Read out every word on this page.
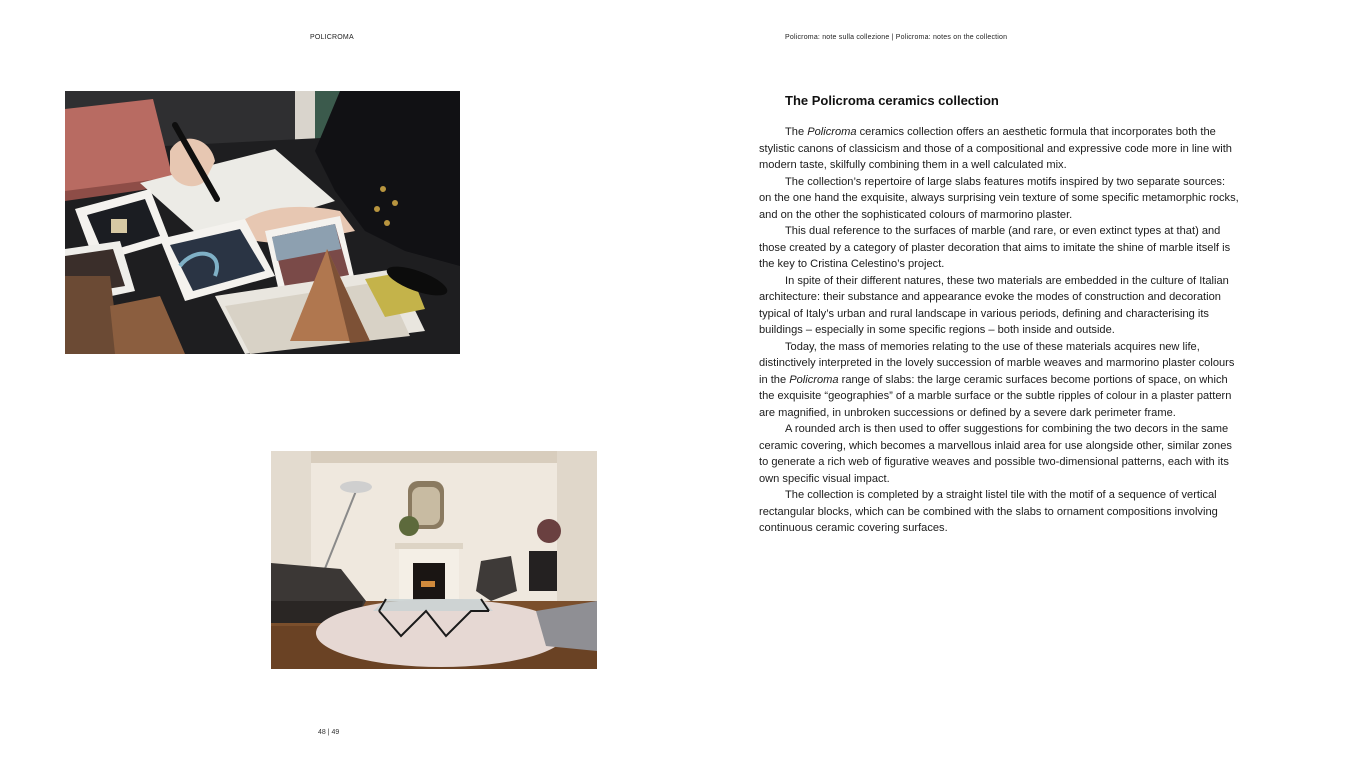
POLICROMA	Policroma: note sulla collezione | Policroma: notes on the collection
48 | 49
The Policroma ceramics collection

The Policroma ceramics collection offers an aesthetic formula that incorporates both the stylistic canons of classicism and those of a compositional and expressive code more in line with modern taste, skilfully combining them in a well calculated mix.

The collection’s repertoire of large slabs features motifs inspired by two separate sources: on the one hand the exquisite, always surprising vein texture of some specific metamorphic rocks, and on the other the sophisticated colours of marmorino plaster.

This dual reference to the surfaces of marble (and rare, or even extinct types at that) and those created by a category of plaster decoration that aims to imitate the shine of marble itself is the key to Cristina Celestino’s project.

In spite of their different natures, these two materials are embedded in the culture of Italian architecture: their substance and appearance evoke the modes of construction and decoration typical of Italy’s urban and rural landscape in various periods, defining and characterising its buildings – especially in some specific regions – both inside and outside.

Today, the mass of memories relating to the use of these materials acquires new life, distinctively interpreted in the lovely succession of marble weaves and marmorino plaster colours in the Policroma range of slabs: the large ceramic surfaces become portions of space, on which the exquisite “geographies” of a marble surface or the subtle ripples of colour in a plaster pattern are magnified, in unbroken successions or defined by a severe dark perimeter frame.

A rounded arch is then used to offer suggestions for combining the two decors in the same ceramic covering, which becomes a marvellous inlaid area for use alongside other, similar zones to generate a rich web of figurative weaves and possible two-dimensional patterns, each with its own specific visual impact.

The collection is completed by a straight listel tile with the motif of a sequence of vertical rectangular blocks, which can be combined with the slabs to ornament compositions involving continuous ceramic covering surfaces.
